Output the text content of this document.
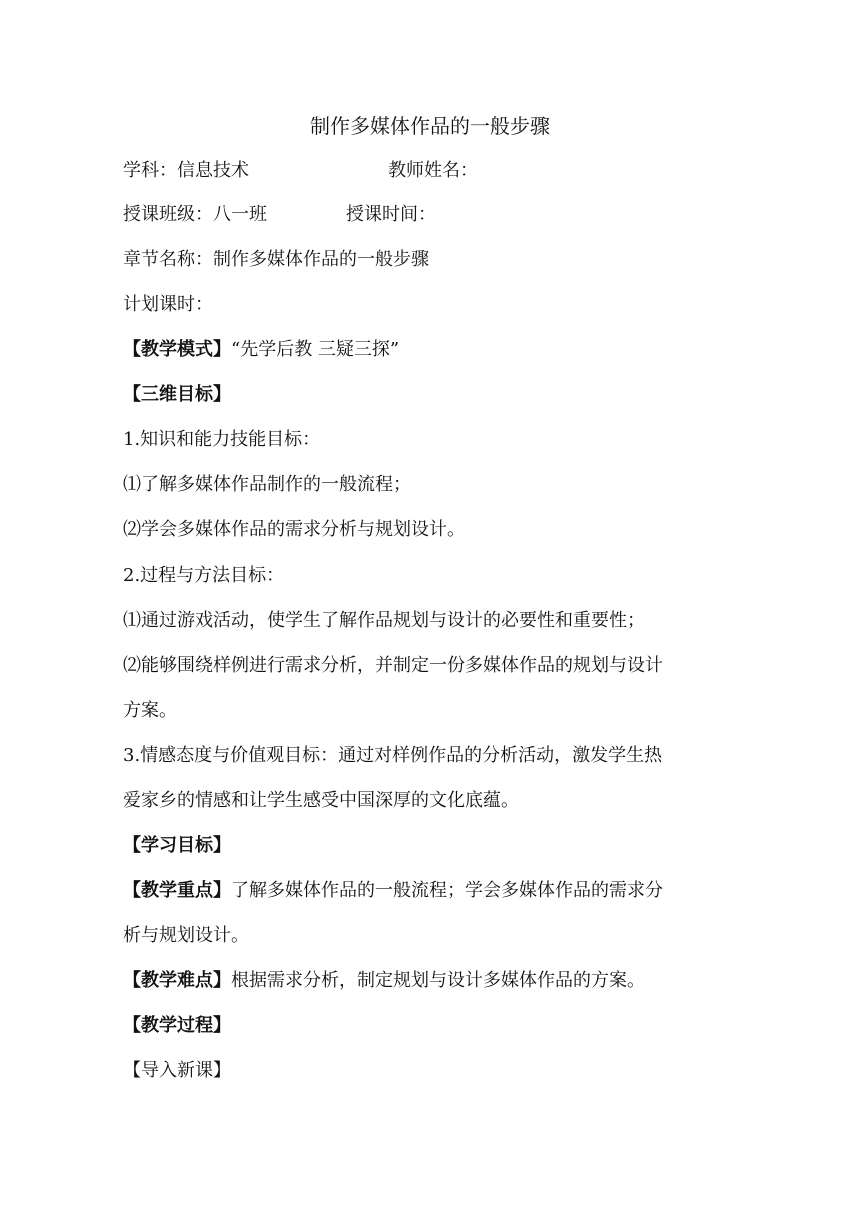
制作多媒体作品的一般步骤
学科：信息技术	教师姓名：
授课班级：八一班	授课时间：
章节名称：制作多媒体作品的一般步骤
计划课时：
【教学模式】“先学后教 三疑三探”
【三维目标】
1.知识和能力技能目标：
⑴了解多媒体作品制作的一般流程；
⑵学会多媒体作品的需求分析与规划设计。
2.过程与方法目标：
⑴通过游戏活动，使学生了解作品规划与设计的必要性和重要性；
⑵能够围绕样例进行需求分析，并制定一份多媒体作品的规划与设计
方案。
3.情感态度与价值观目标：通过对样例作品的分析活动，激发学生热
爱家乡的情感和让学生感受中国深厚的文化底蕴。
【学习目标】
【教学重点】了解多媒体作品的一般流程；学会多媒体作品的需求分
析与规划设计。
【教学难点】根据需求分析，制定规划与设计多媒体作品的方案。
【教学过程】
【导入新课】
